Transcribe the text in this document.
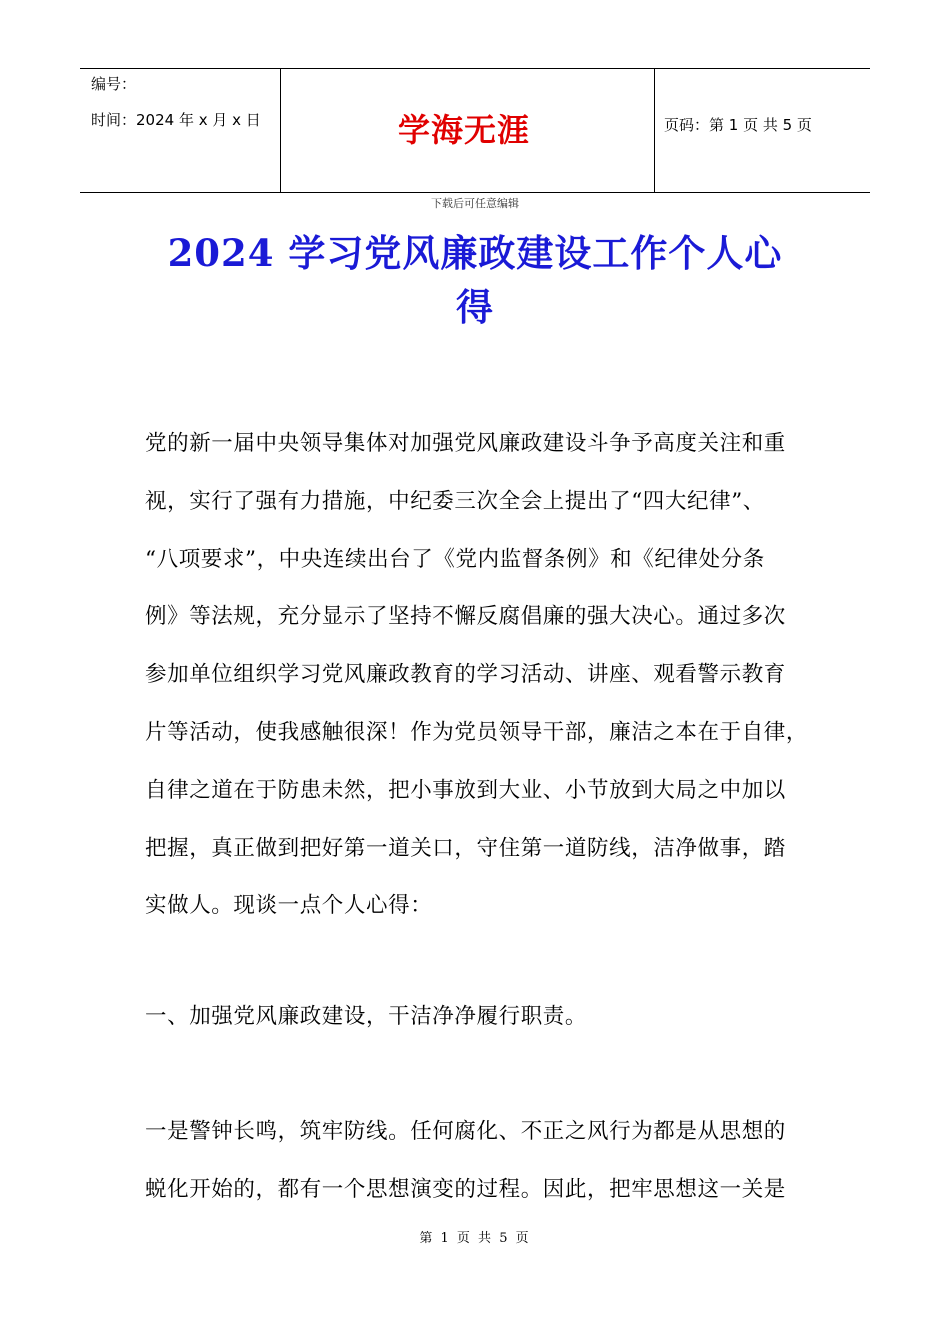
编号：
时间：2024 年 x 月 x 日	学海无涯	页码：第 1 页 共 5 页
下载后可任意编辑
2024 学习党风廉政建设工作个人心
得
党的新一届中央领导集体对加强党风廉政建设斗争予高度关注和重
视，实行了强有力措施，中纪委三次全会上提出了“四大纪律”、
“八项要求”，中央连续出台了《党内监督条例》和《纪律处分条
例》等法规，充分显示了坚持不懈反腐倡廉的强大决心。通过多次
参加单位组织学习党风廉政教育的学习活动、讲座、观看警示教育
片等活动，使我感触很深！作为党员领导干部，廉洁之本在于自律，
自律之道在于防患未然，把小事放到大业、小节放到大局之中加以
把握，真正做到把好第一道关口，守住第一道防线，洁净做事，踏
实做人。现谈一点个人心得：
一、加强党风廉政建设，干洁净净履行职责。
一是警钟长鸣，筑牢防线。任何腐化、不正之风行为都是从思想的
蜕化开始的，都有一个思想演变的过程。因此，把牢思想这一关是
第 1 页 共 5 页
